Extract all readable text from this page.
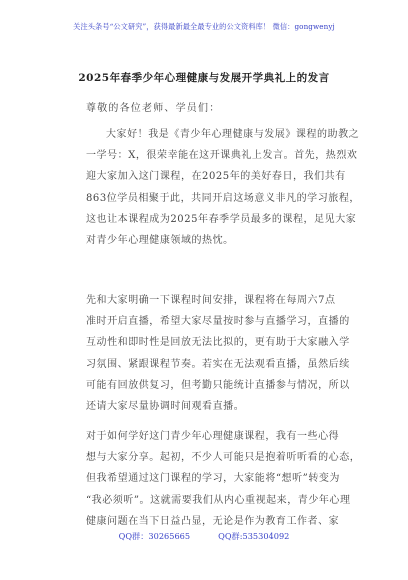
关注头条号“公文研究”，获得最新最全最专业的公文资料库！ 微信：gongwenyj
2025年春季少年心理健康与发展开学典礼上的发言
尊敬的各位老师、学员们：
大家好！我是《青少年心理健康与发展》课程的助教之
一学号：X，很荣幸能在这开课典礼上发言。首先，热烈欢
迎大家加入这门课程，在2025年的美好春日，我们共有
863位学员相聚于此，共同开启这场意义非凡的学习旅程，
这也让本课程成为2025年春季学员最多的课程，足见大家
对青少年心理健康领域的热忱。
先和大家明确一下课程时间安排，课程将在每周六7点
准时开启直播，希望大家尽量按时参与直播学习，直播的
互动性和即时性是回放无法比拟的，更有助于大家融入学
习氛围、紧跟课程节奏。若实在无法观看直播，虽然后续
可能有回放供复习，但考勤只能统计直播参与情况，所以
还请大家尽量协调时间观看直播。
对于如何学好这门青少年心理健康课程，我有一些心得
想与大家分享。起初，不少人可能只是抱着听听看的心态，
但我希望通过这门课程的学习，大家能将“想听”转变为
“我必须听”。这就需要我们从内心重视起来，青少年心理
健康问题在当下日益凸显，无论是作为教育工作者、家
QQ群：30265665	QQ群:535304092
